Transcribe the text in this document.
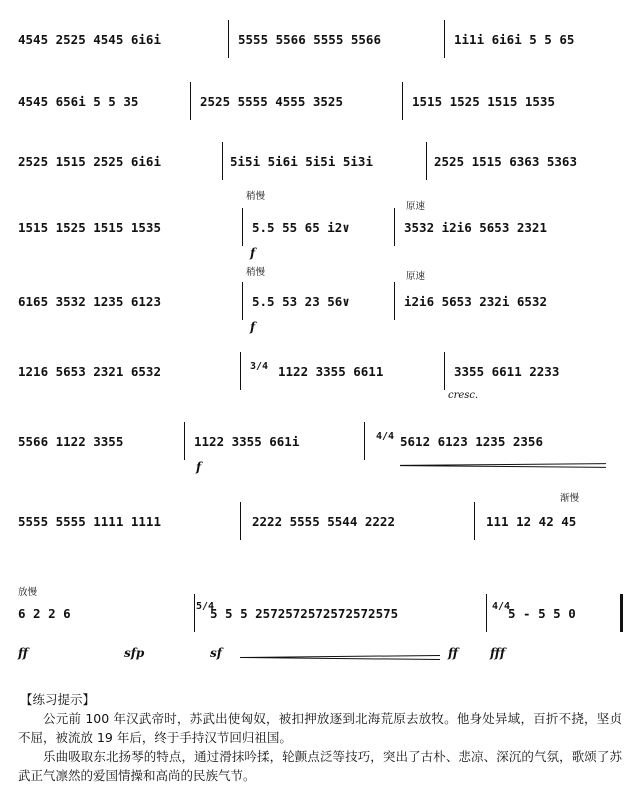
4545 2525 4545 6i6i	5555 5566 5555 5566	1i1i 6i6i 5 5 65
4545 656i 5 5 35	2525 5555 4555 3525	1515 1525 1515 1535
2525 1515 2525 6i6i	5i5i 5i6i 5i5i 5i3i	2525 1515 6363 5363
稍慢
原速
1515 1525 1515 1535	5.5 55 65 i2∨	3532 i2i6 5653 2321
f
稍慢	原速
6165 3532 1235 6123	5.5 53 23 56∨	i2i6 5653 232i 6532
f
1216 5653 2321 6532	1122 3355 6611	3355 6611 2233
3/4
cresc.
5566 1122 3355	1122 3355 661i	5612 6123 1235 2356
4/4
f
渐慢
5555 5555 1111 1111	2222 5555 5544 2222	111 12 42 45
放慢
6 2 2 6	5 5 5 2572572572572572575	5 - 5 5 0
5/4	4/4
ff	sfp	sf	ff	fff

【练习提示】

公元前 100 年汉武帝时，苏武出使匈奴，被扣押放逐到北海荒原去放牧。他身处异域，百折不挠，坚贞不屈，被流放 19 年后，终于手持汉节回归祖国。

乐曲吸取东北扬琴的特点，通过滑抹吟揉，轮颤点泛等技巧，突出了古朴、悲凉、深沉的气氛，歌颂了苏武正气凛然的爱国情操和高尚的民族气节。
